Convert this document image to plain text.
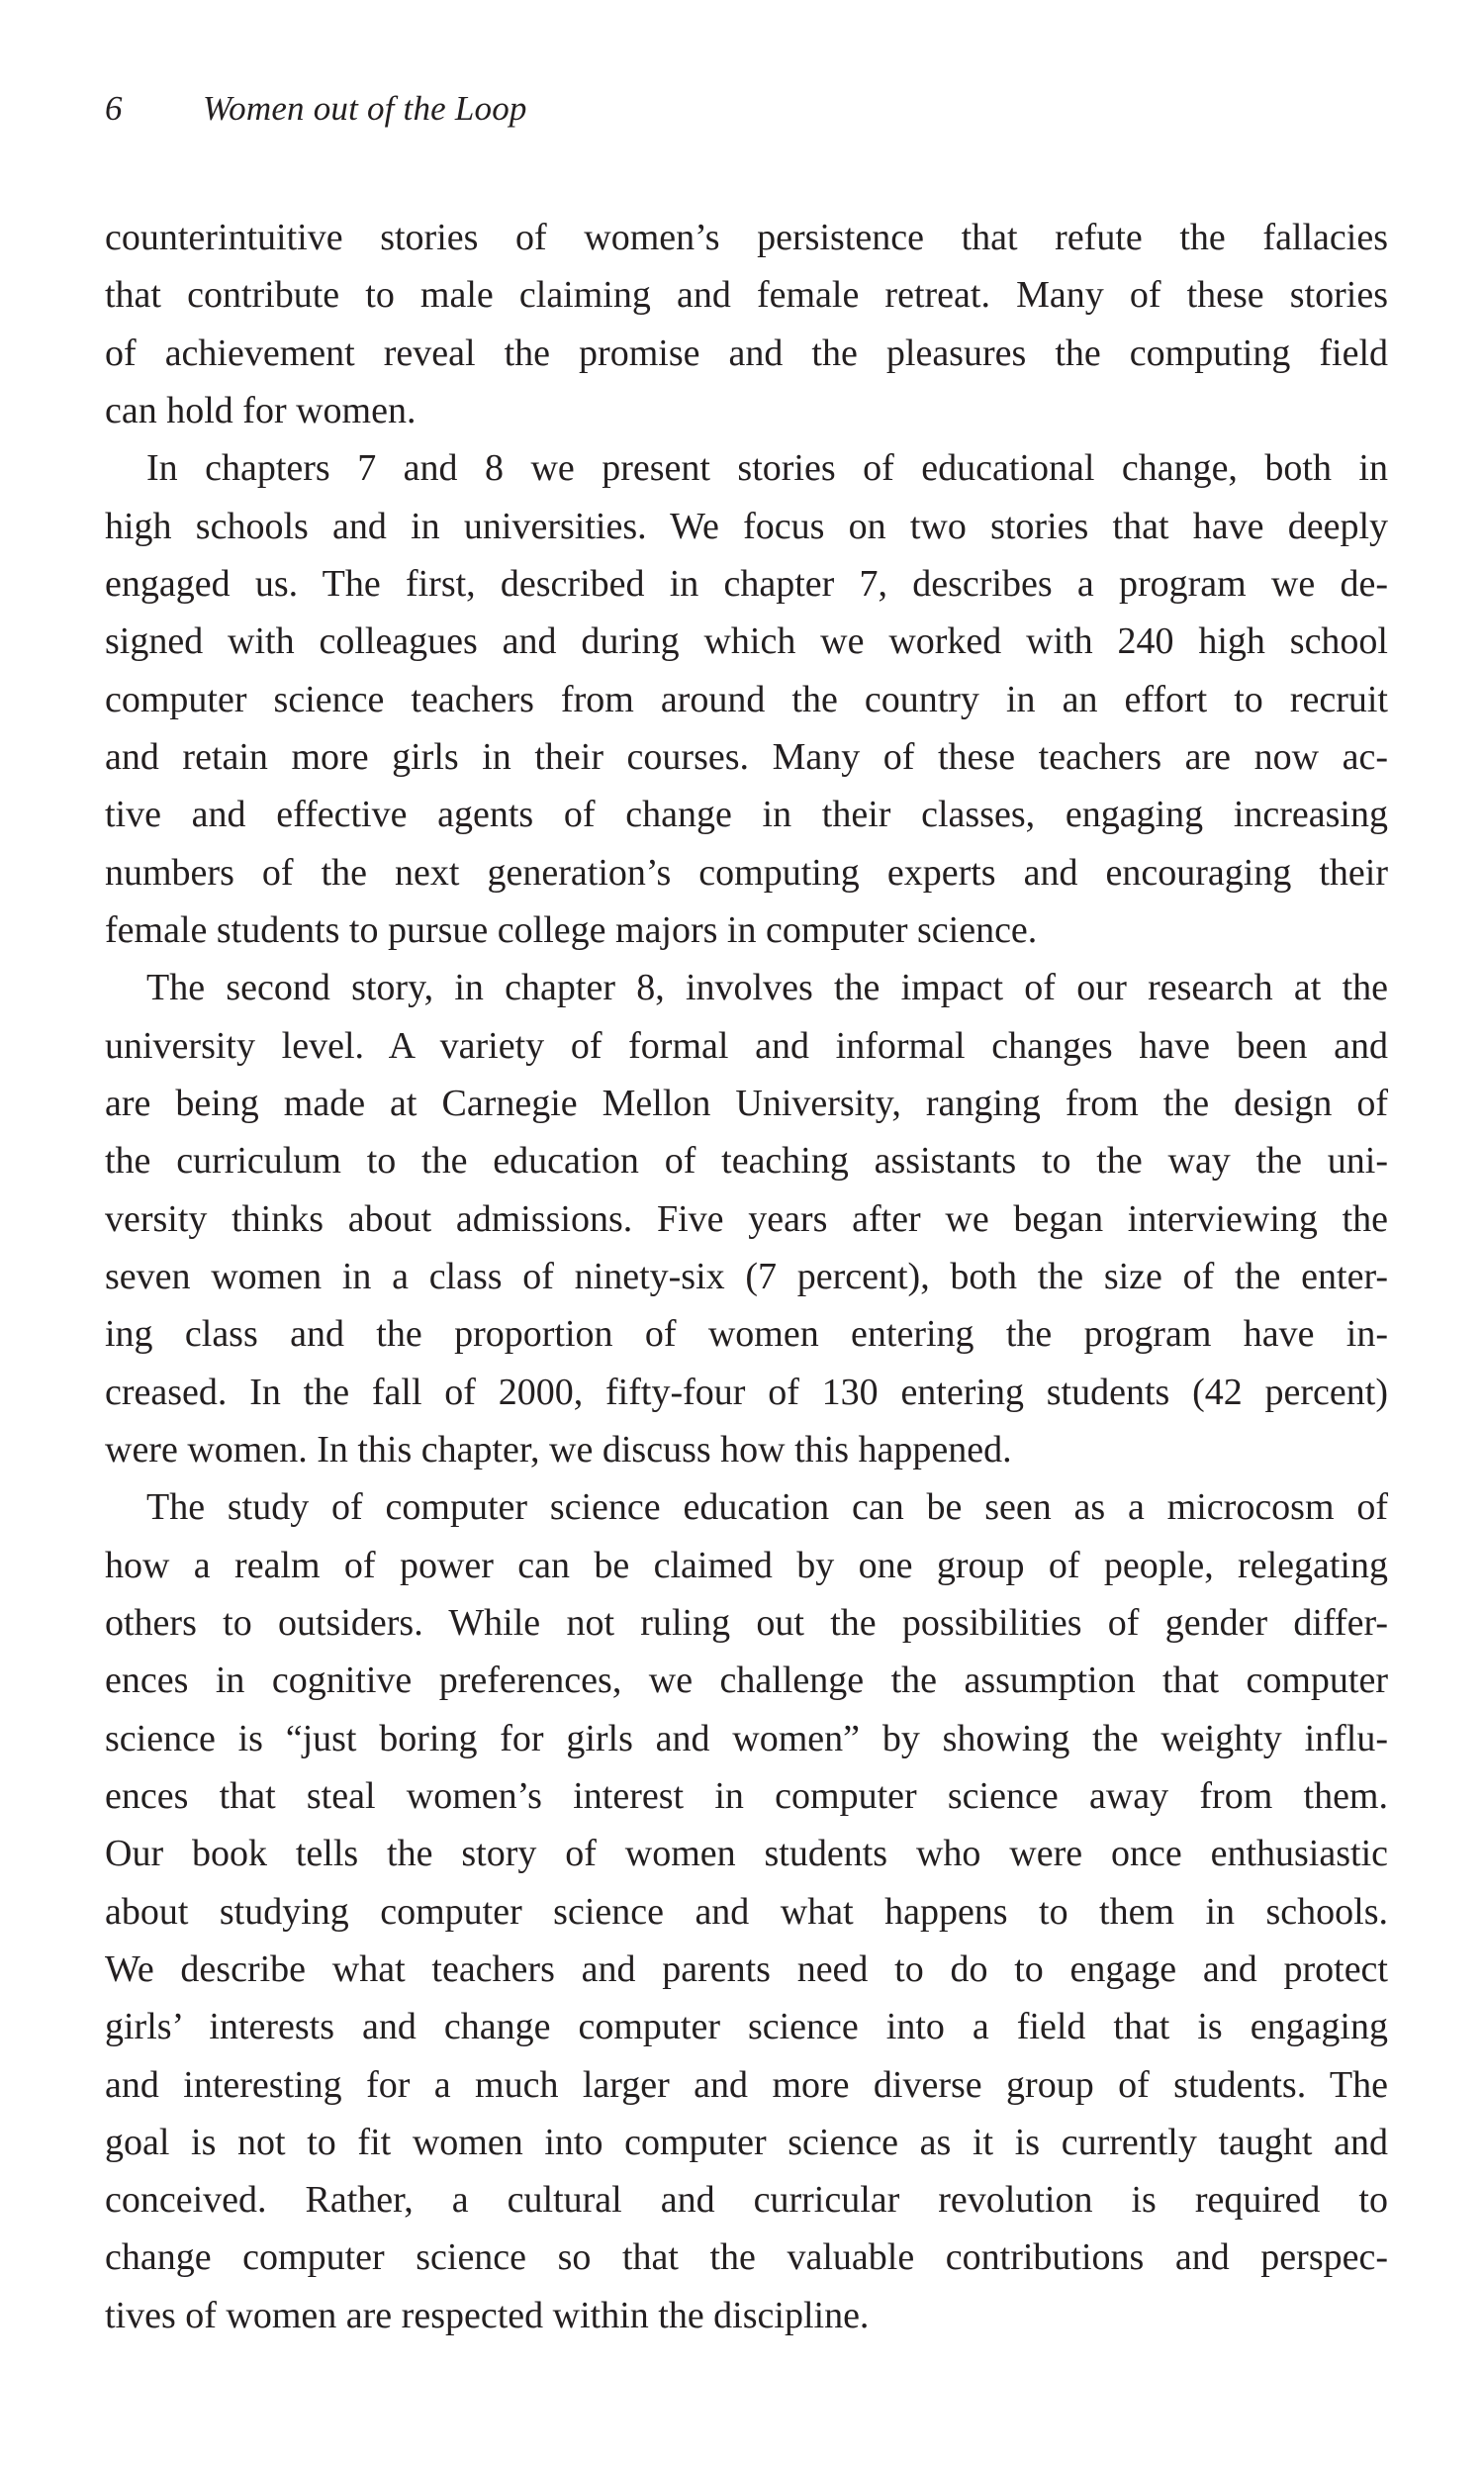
6 Women out of the Loop
counterintuitive stories of women’s persistence that refute the fallacies
that contribute to male claiming and female retreat. Many of these stories
of achievement reveal the promise and the pleasures the computing field
can hold for women.
In chapters 7 and 8 we present stories of educational change, both in
high schools and in universities. We focus on two stories that have deeply
engaged us. The first, described in chapter 7, describes a program we de-
signed with colleagues and during which we worked with 240 high school
computer science teachers from around the country in an effort to recruit
and retain more girls in their courses. Many of these teachers are now ac-
tive and effective agents of change in their classes, engaging increasing
numbers of the next generation’s computing experts and encouraging their
female students to pursue college majors in computer science.
The second story, in chapter 8, involves the impact of our research at the
university level. A variety of formal and informal changes have been and
are being made at Carnegie Mellon University, ranging from the design of
the curriculum to the education of teaching assistants to the way the uni-
versity thinks about admissions. Five years after we began interviewing the
seven women in a class of ninety-six (7 percent), both the size of the enter-
ing class and the proportion of women entering the program have in-
creased. In the fall of 2000, fifty-four of 130 entering students (42 percent)
were women. In this chapter, we discuss how this happened.
The study of computer science education can be seen as a microcosm of
how a realm of power can be claimed by one group of people, relegating
others to outsiders. While not ruling out the possibilities of gender differ-
ences in cognitive preferences, we challenge the assumption that computer
science is “just boring for girls and women” by showing the weighty influ-
ences that steal women’s interest in computer science away from them.
Our book tells the story of women students who were once enthusiastic
about studying computer science and what happens to them in schools.
We describe what teachers and parents need to do to engage and protect
girls’ interests and change computer science into a field that is engaging
and interesting for a much larger and more diverse group of students. The
goal is not to fit women into computer science as it is currently taught and
conceived. Rather, a cultural and curricular revolution is required to
change computer science so that the valuable contributions and perspec-
tives of women are respected within the discipline.
